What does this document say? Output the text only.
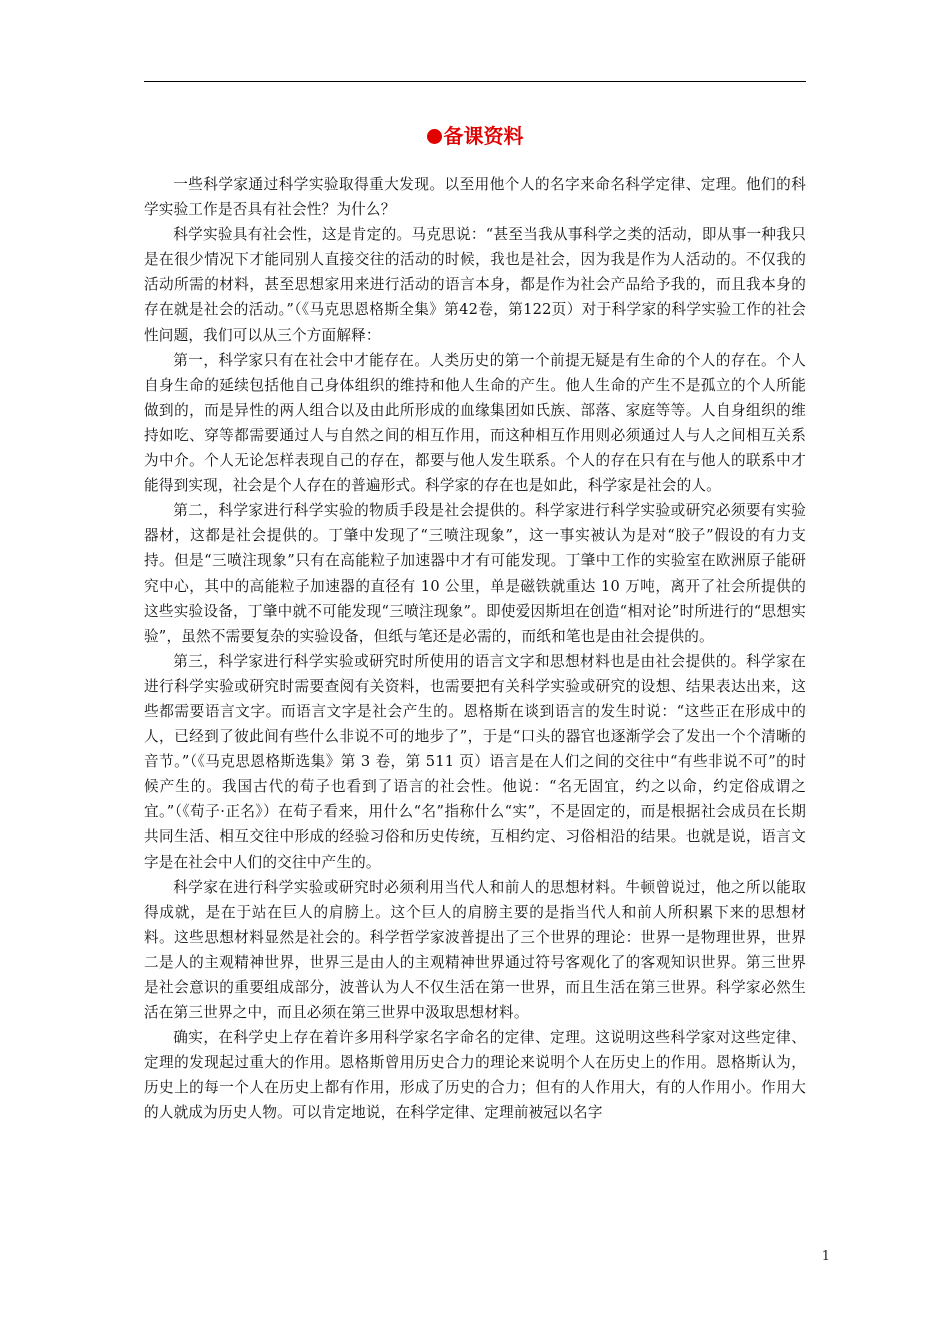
备课资料

一些科学家通过科学实验取得重大发现。以至用他个人的名字来命名科学定律、定理。他们的科学实验工作是否具有社会性？为什么？

科学实验具有社会性，这是肯定的。马克思说：“甚至当我从事科学之类的活动，即从事一种我只是在很少情况下才能同别人直接交往的活动的时候，我也是社会，因为我是作为人活动的。不仅我的活动所需的材料，甚至思想家用来进行活动的语言本身，都是作为社会产品给予我的，而且我本身的存在就是社会的活动。”（《马克思恩格斯全集》第42卷，第122页）对于科学家的科学实验工作的社会性问题，我们可以从三个方面解释：

第一，科学家只有在社会中才能存在。人类历史的第一个前提无疑是有生命的个人的存在。个人自身生命的延续包括他自己身体组织的维持和他人生命的产生。他人生命的产生不是孤立的个人所能做到的，而是异性的两人组合以及由此所形成的血缘集团如氏族、部落、家庭等等。人自身组织的维持如吃、穿等都需要通过人与自然之间的相互作用，而这种相互作用则必须通过人与人之间相互关系为中介。个人无论怎样表现自己的存在，都要与他人发生联系。个人的存在只有在与他人的联系中才能得到实现，社会是个人存在的普遍形式。科学家的存在也是如此，科学家是社会的人。

第二，科学家进行科学实验的物质手段是社会提供的。科学家进行科学实验或研究必须要有实验器材，这都是社会提供的。丁肇中发现了“三喷注现象”，这一事实被认为是对“胶子”假设的有力支持。但是“三喷注现象”只有在高能粒子加速器中才有可能发现。丁肇中工作的实验室在欧洲原子能研究中心，其中的高能粒子加速器的直径有 10 公里，单是磁铁就重达 10 万吨，离开了社会所提供的这些实验设备，丁肇中就不可能发现“三喷注现象”。即使爱因斯坦在创造“相对论”时所进行的“思想实验”，虽然不需要复杂的实验设备，但纸与笔还是必需的，而纸和笔也是由社会提供的。

第三，科学家进行科学实验或研究时所使用的语言文字和思想材料也是由社会提供的。科学家在进行科学实验或研究时需要查阅有关资料，也需要把有关科学实验或研究的设想、结果表达出来，这些都需要语言文字。而语言文字是社会产生的。恩格斯在谈到语言的发生时说：“这些正在形成中的人，已经到了彼此间有些什么非说不可的地步了”，于是“口头的器官也逐渐学会了发出一个个清晰的音节。”（《马克思恩格斯选集》第 3 卷，第 511 页）语言是在人们之间的交往中“有些非说不可”的时候产生的。我国古代的荀子也看到了语言的社会性。他说：“名无固宜，约之以命，约定俗成谓之宜。”（《荀子·正名》）在荀子看来，用什么“名”指称什么“实”，不是固定的，而是根据社会成员在长期共同生活、相互交往中形成的经验习俗和历史传统，互相约定、习俗相沿的结果。也就是说，语言文字是在社会中人们的交往中产生的。

科学家在进行科学实验或研究时必须利用当代人和前人的思想材料。牛顿曾说过，他之所以能取得成就，是在于站在巨人的肩膀上。这个巨人的肩膀主要的是指当代人和前人所积累下来的思想材料。这些思想材料显然是社会的。科学哲学家波普提出了三个世界的理论：世界一是物理世界，世界二是人的主观精神世界，世界三是由人的主观精神世界通过符号客观化了的客观知识世界。第三世界是社会意识的重要组成部分，波普认为人不仅生活在第一世界，而且生活在第三世界。科学家必然生活在第三世界之中，而且必须在第三世界中汲取思想材料。

确实，在科学史上存在着许多用科学家名字命名的定律、定理。这说明这些科学家对这些定律、定理的发现起过重大的作用。恩格斯曾用历史合力的理论来说明个人在历史上的作用。恩格斯认为，历史上的每一个人在历史上都有作用，形成了历史的合力；但有的人作用大，有的人作用小。作用大的人就成为历史人物。可以肯定地说，在科学定律、定理前被冠以名字

1
